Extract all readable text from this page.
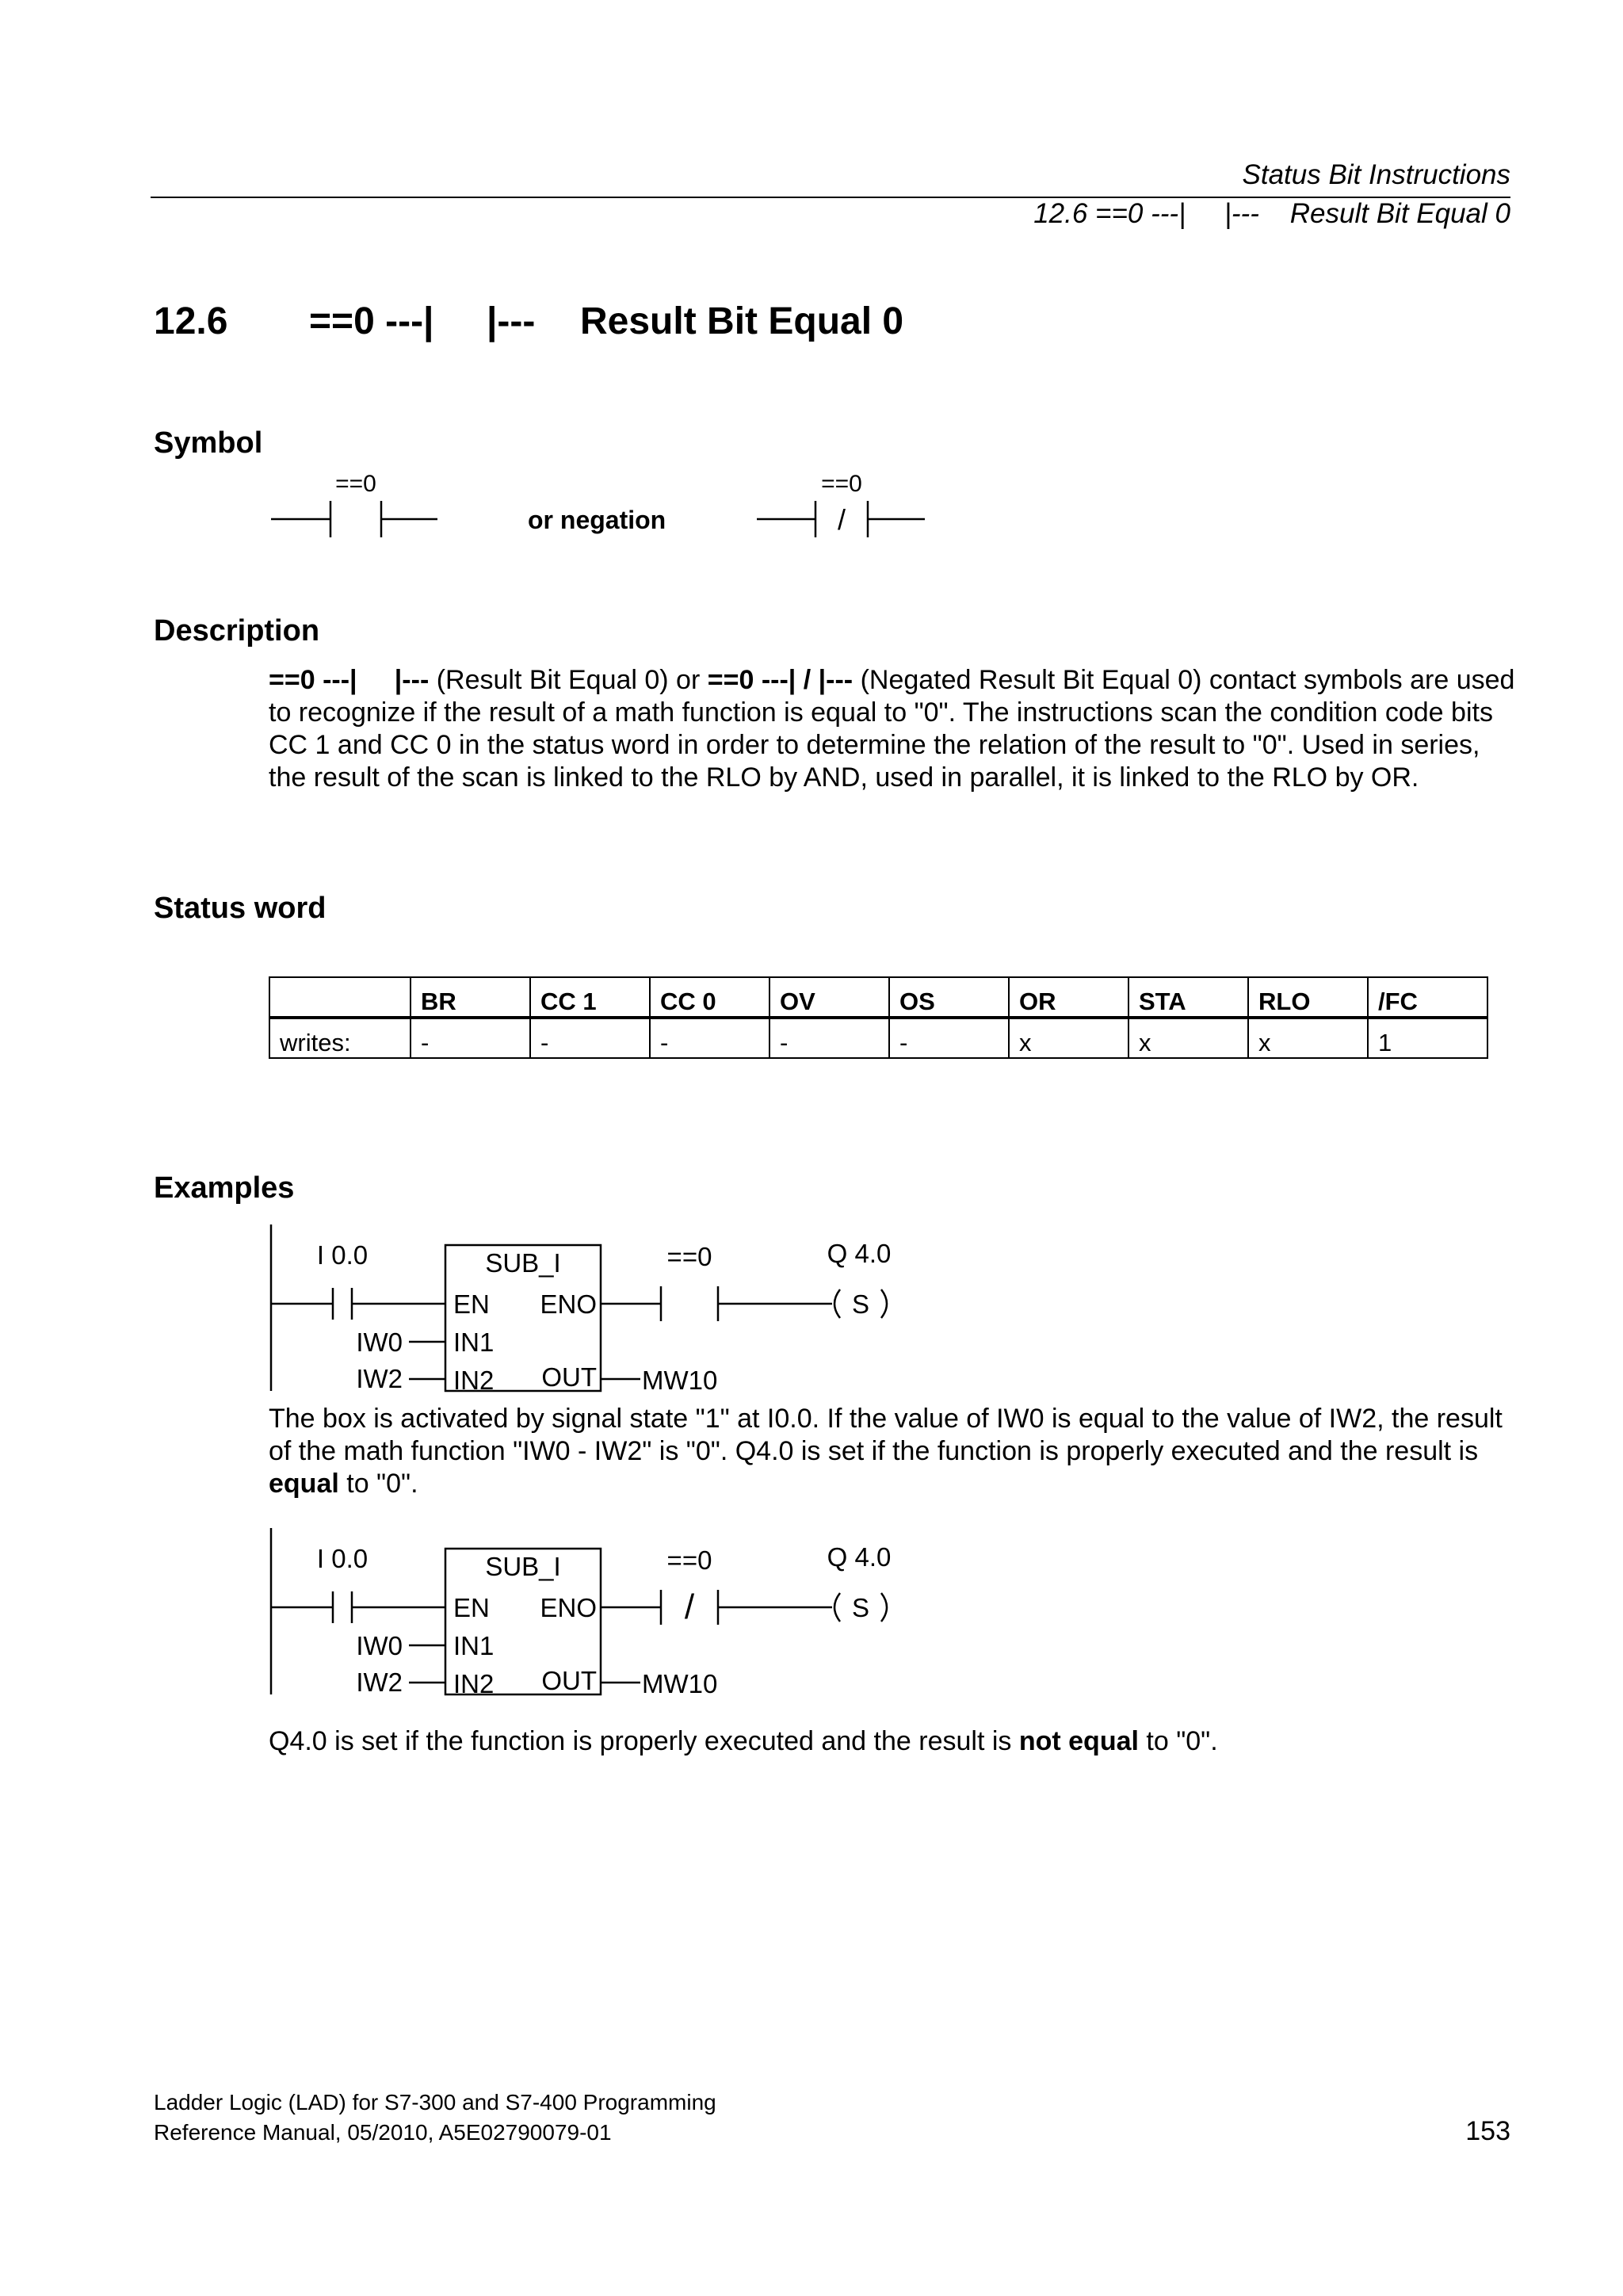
Status Bit Instructions
12.6 ==0 ---| |--- Result Bit Equal 0
12.6 ==0 ---| |--- Result Bit Equal 0
Symbol
==0
or negation
==0
/
Description
==0 ---| |--- (Result Bit Equal 0) or ==0 ---| / |--- (Negated Result Bit Equal 0) contact symbols are used to recognize if the result of a math function is equal to "0". The instructions scan the condition code bits CC 1 and CC 0 in the status word in order to determine the relation of the result to "0". Used in series, the result of the scan is linked to the RLO by AND, used in parallel, it is linked to the RLO by OR.
Status word
	BR	CC 1	CC 0	OV	OS	OR	STA	RLO	/FC
writes:	-	-	-	-	-	x	x	x	1
Examples
I 0.0	SUB_I
EN ENO
IW0 IN1
IW2 IN2 OUT MW10
==0	Q 4.0
S
The box is activated by signal state "1" at I0.0. If the value of IW0 is equal to the value of IW2, the result of the math function "IW0 - IW2" is "0". Q4.0 is set if the function is properly executed and the result is equal to "0".
/
I 0.0	SUB_I
EN ENO
IW0 IN1
IW2 IN2 OUT MW10
==0	Q 4.0
S
Q4.0 is set if the function is properly executed and the result is not equal to "0".
Ladder Logic (LAD) for S7-300 and S7-400 Programming
Reference Manual, 05/2010, A5E02790079-01	153
